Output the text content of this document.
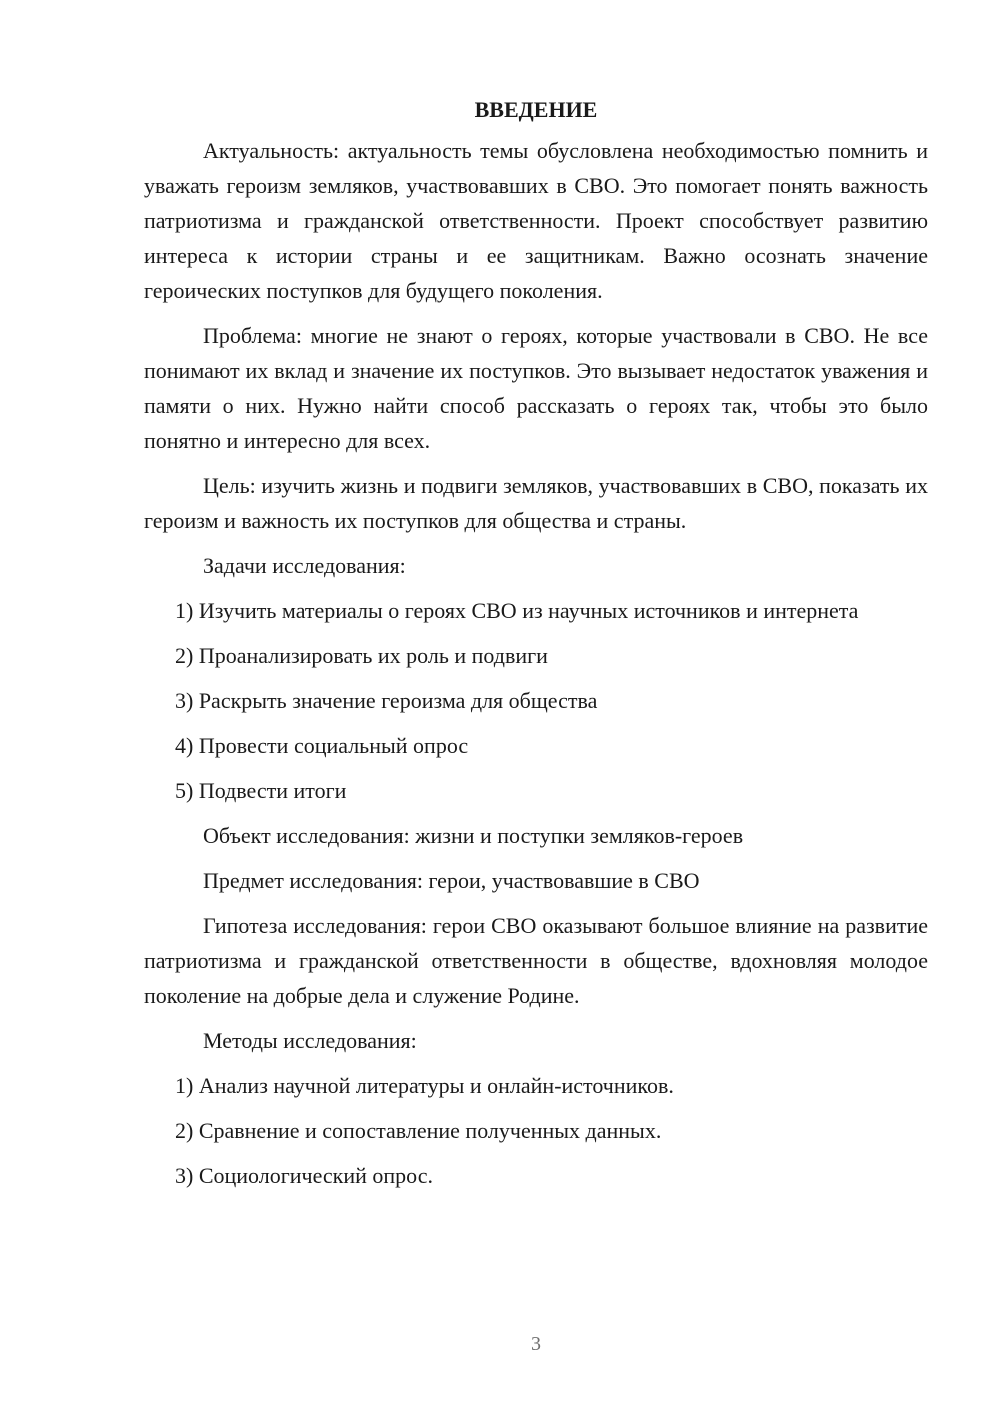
ВВЕДЕНИЕ

Актуальность: актуальность темы обусловлена необходимостью помнить и уважать героизм земляков, участвовавших в СВО. Это помогает понять важность патриотизма и гражданской ответственности. Проект способствует развитию интереса к истории страны и ее защитникам. Важно осознать значение героических поступков для будущего поколения.

Проблема: многие не знают о героях, которые участвовали в СВО. Не все понимают их вклад и значение их поступков. Это вызывает недостаток уважения и памяти о них. Нужно найти способ рассказать о героях так, чтобы это было понятно и интересно для всех.

Цель: изучить жизнь и подвиги земляков, участвовавших в СВО, показать их героизм и важность их поступков для общества и страны.

Задачи исследования:

1) Изучить материалы о героях СВО из научных источников и интернета

2) Проанализировать их роль и подвиги

3) Раскрыть значение героизма для общества

4) Провести социальный опрос

5) Подвести итоги

Объект исследования: жизни и поступки земляков-героев

Предмет исследования: герои, участвовавшие в СВО

Гипотеза исследования: герои СВО оказывают большое влияние на развитие патриотизма и гражданской ответственности в обществе, вдохновляя молодое поколение на добрые дела и служение Родине.

Методы исследования:

1) Анализ научной литературы и онлайн-источников.

2) Сравнение и сопоставление полученных данных.

3) Социологический опрос.

3
